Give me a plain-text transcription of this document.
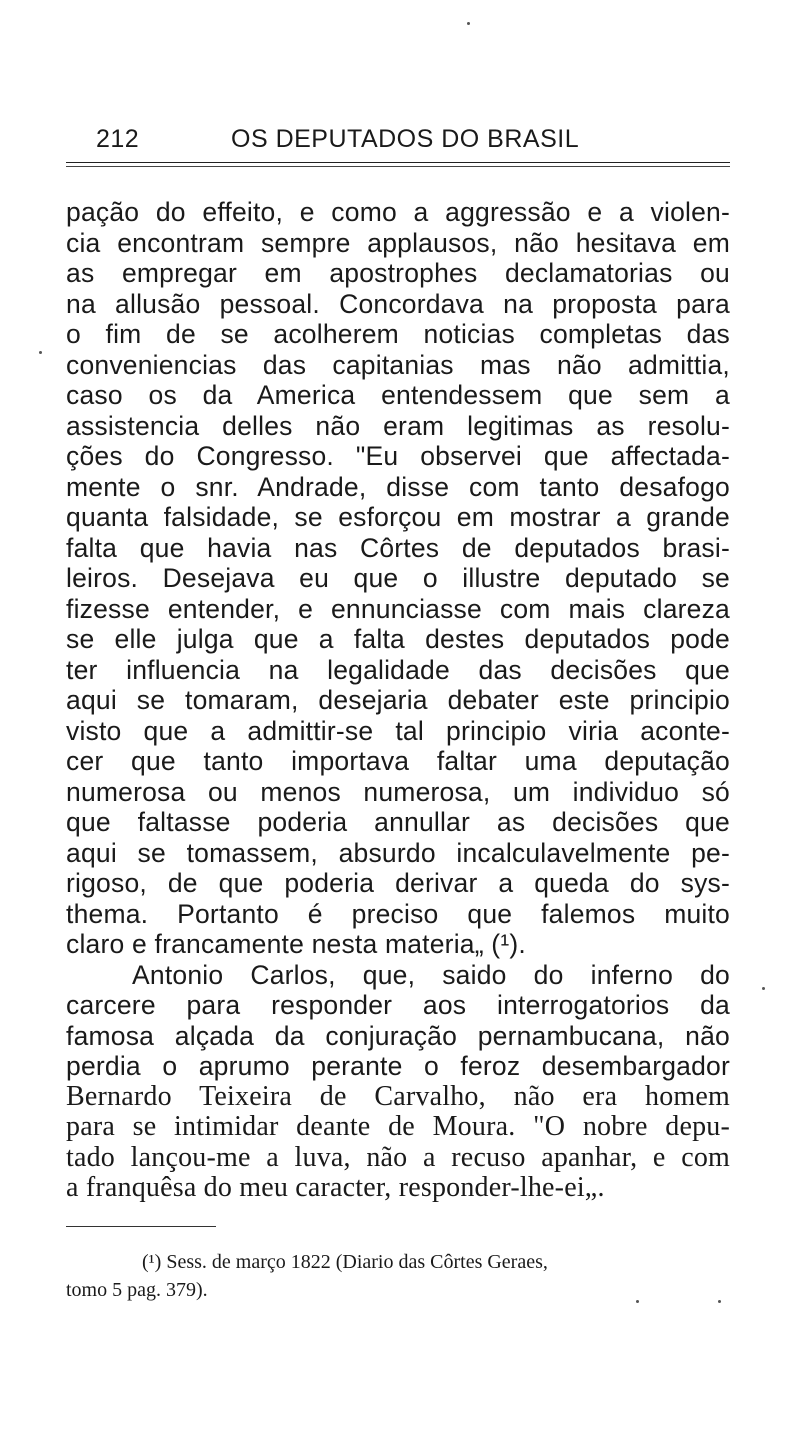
212	OS DEPUTADOS DO BRASIL
pação do effeito, e como a aggressão e a violen-
cia encontram sempre applausos, não hesitava em
as empregar em apostrophes declamatorias ou
na allusão pessoal. Concordava na proposta para
o fim de se acolherem noticias completas das
conveniencias das capitanias mas não admittia,
caso os da America entendessem que sem a
assistencia delles não eram legitimas as resolu-
ções do Congresso. "Eu observei que affectada-
mente o snr. Andrade, disse com tanto desafogo
quanta falsidade, se esforçou em mostrar a grande
falta que havia nas Côrtes de deputados brasi-
leiros. Desejava eu que o illustre deputado se
fizesse entender, e ennunciasse com mais clareza
se elle julga que a falta destes deputados pode
ter influencia na legalidade das decisões que
aqui se tomaram, desejaria debater este principio
visto que a admittir-se tal principio viria aconte-
cer que tanto importava faltar uma deputação
numerosa ou menos numerosa, um individuo só
que faltasse poderia annullar as decisões que
aqui se tomassem, absurdo incalculavelmente pe-
rigoso, de que poderia derivar a queda do sys-
thema. Portanto é preciso que falemos muito
claro e francamente nesta materia„ (¹).
Antonio Carlos, que, saido do inferno do
carcere para responder aos interrogatorios da
famosa alçada da conjuração pernambucana, não
perdia o aprumo perante o feroz desembargador
Bernardo Teixeira de Carvalho, não era homem
para se intimidar deante de Moura. "O nobre depu-
tado lançou-me a luva, não a recuso apanhar, e com
a franquêsa do meu caracter, responder-lhe-ei„.
(¹) Sess. de março 1822 (Diario das Côrtes Geraes,
tomo 5 pag. 379).
